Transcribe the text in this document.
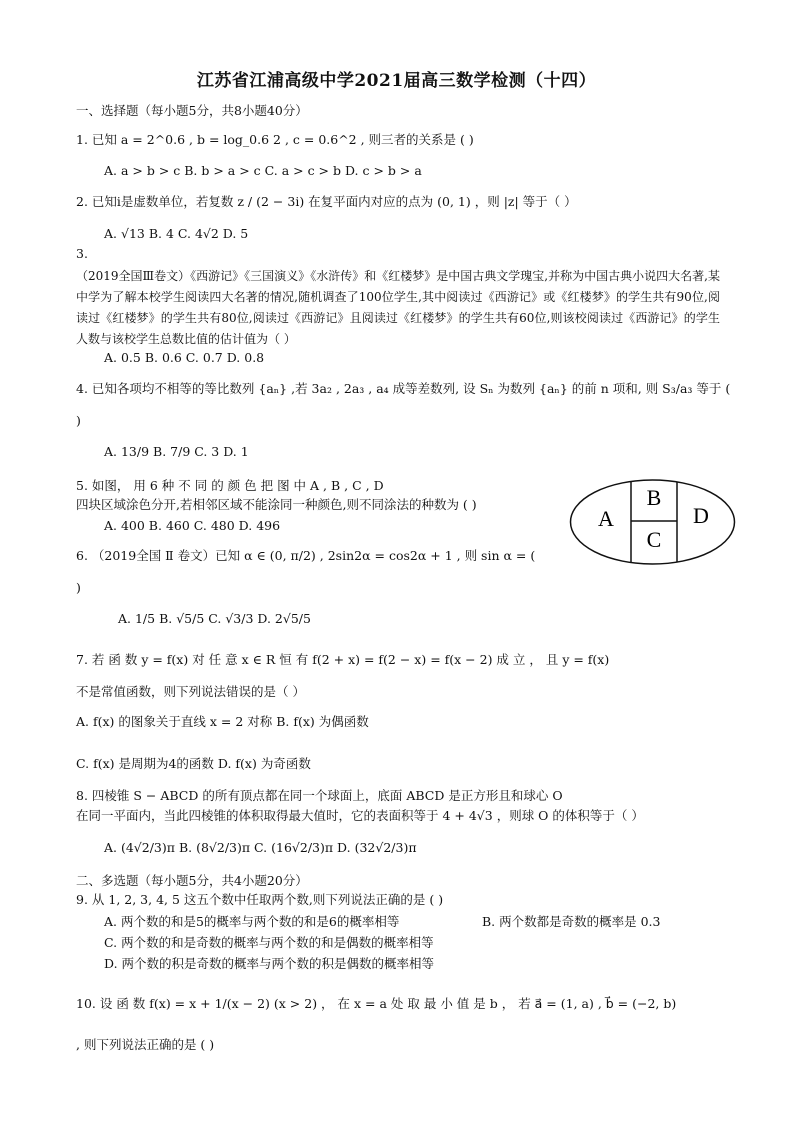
江苏省江浦高级中学2021届高三数学检测（十四）
一、选择题（每小题5分，共8小题40分）
1. 已知 a = 2^0.6 , b = log_0.6 2 , c = 0.6^2 , 则三者的关系是 ( )
A. a > b > c B. b > a > c C. a > c > b D. c > b > a
2. 已知i是虚数单位，若复数 z / (2 − 3i) 在复平面内对应的点为 (0, 1) ，则 |z| 等于（ ）
A. √13 B. 4 C. 4√2 D. 5
3.
（2019全国Ⅲ卷文）《西游记》《三国演义》《水浒传》和《红楼梦》是中国古典文学瑰宝,并称为中国古典小说四大名著,某中学为了解本校学生阅读四大名著的情况,随机调查了100位学生,其中阅读过《西游记》或《红楼梦》的学生共有90位,阅读过《红楼梦》的学生共有80位,阅读过《西游记》且阅读过《红楼梦》的学生共有60位,则该校阅读过《西游记》的学生人数与该校学生总数比值的估计值为（ ）
A. 0.5 B. 0.6 C. 0.7 D. 0.8
4. 已知各项均不相等的等比数列 {aₙ} ,若 3a₂ , 2a₃ , a₄ 成等差数列, 设 Sₙ 为数列 {aₙ} 的前 n 项和, 则 S₃/a₃ 等于 (
)
A. 13/9 B. 7/9 C. 3 D. 1
5. 如图， 用 6 种 不 同 的 颜 色 把 图 中 A , B , C , D
四块区域涂色分开,若相邻区域不能涂同一种颜色,则不同涂法的种数为 ( )
A. 400 B. 460 C. 480 D. 496	A
B
C
D
6. （2019全国 Ⅱ 卷文）已知 α ∈ (0, π/2) , 2sin2α = cos2α + 1 , 则 sin α = (
)
A. 1/5 B. √5/5 C. √3/3 D. 2√5/5
7. 若 函 数 y = f(x) 对 任 意 x ∈ R 恒 有 f(2 + x) = f(2 − x) = f(x − 2) 成 立 ， 且 y = f(x)
不是常值函数，则下列说法错误的是（ ）
A. f(x) 的图象关于直线 x = 2 对称 B. f(x) 为偶函数
C. f(x) 是周期为4的函数 D. f(x) 为奇函数
8. 四棱锥 S − ABCD 的所有顶点都在同一个球面上，底面 ABCD 是正方形且和球心 O
在同一平面内，当此四棱锥的体积取得最大值时，它的表面积等于 4 + 4√3 ，则球 O 的体积等于（ ）
A. (4√2/3)π B. (8√2/3)π C. (16√2/3)π D. (32√2/3)π
二、多选题（每小题5分，共4小题20分）
9. 从 1, 2, 3, 4, 5 这五个数中任取两个数,则下列说法正确的是 ( )
A. 两个数的和是5的概率与两个数的和是6的概率相等	B. 两个数都是奇数的概率是 0.3
C. 两个数的和是奇数的概率与两个数的和是偶数的概率相等
D. 两个数的积是奇数的概率与两个数的积是偶数的概率相等
10. 设 函 数 f(x) = x + 1/(x − 2) (x > 2) ， 在 x = a 处 取 最 小 值 是 b ， 若 a⃗ = (1, a) , b⃗ = (−2, b)
, 则下列说法正确的是 ( )
